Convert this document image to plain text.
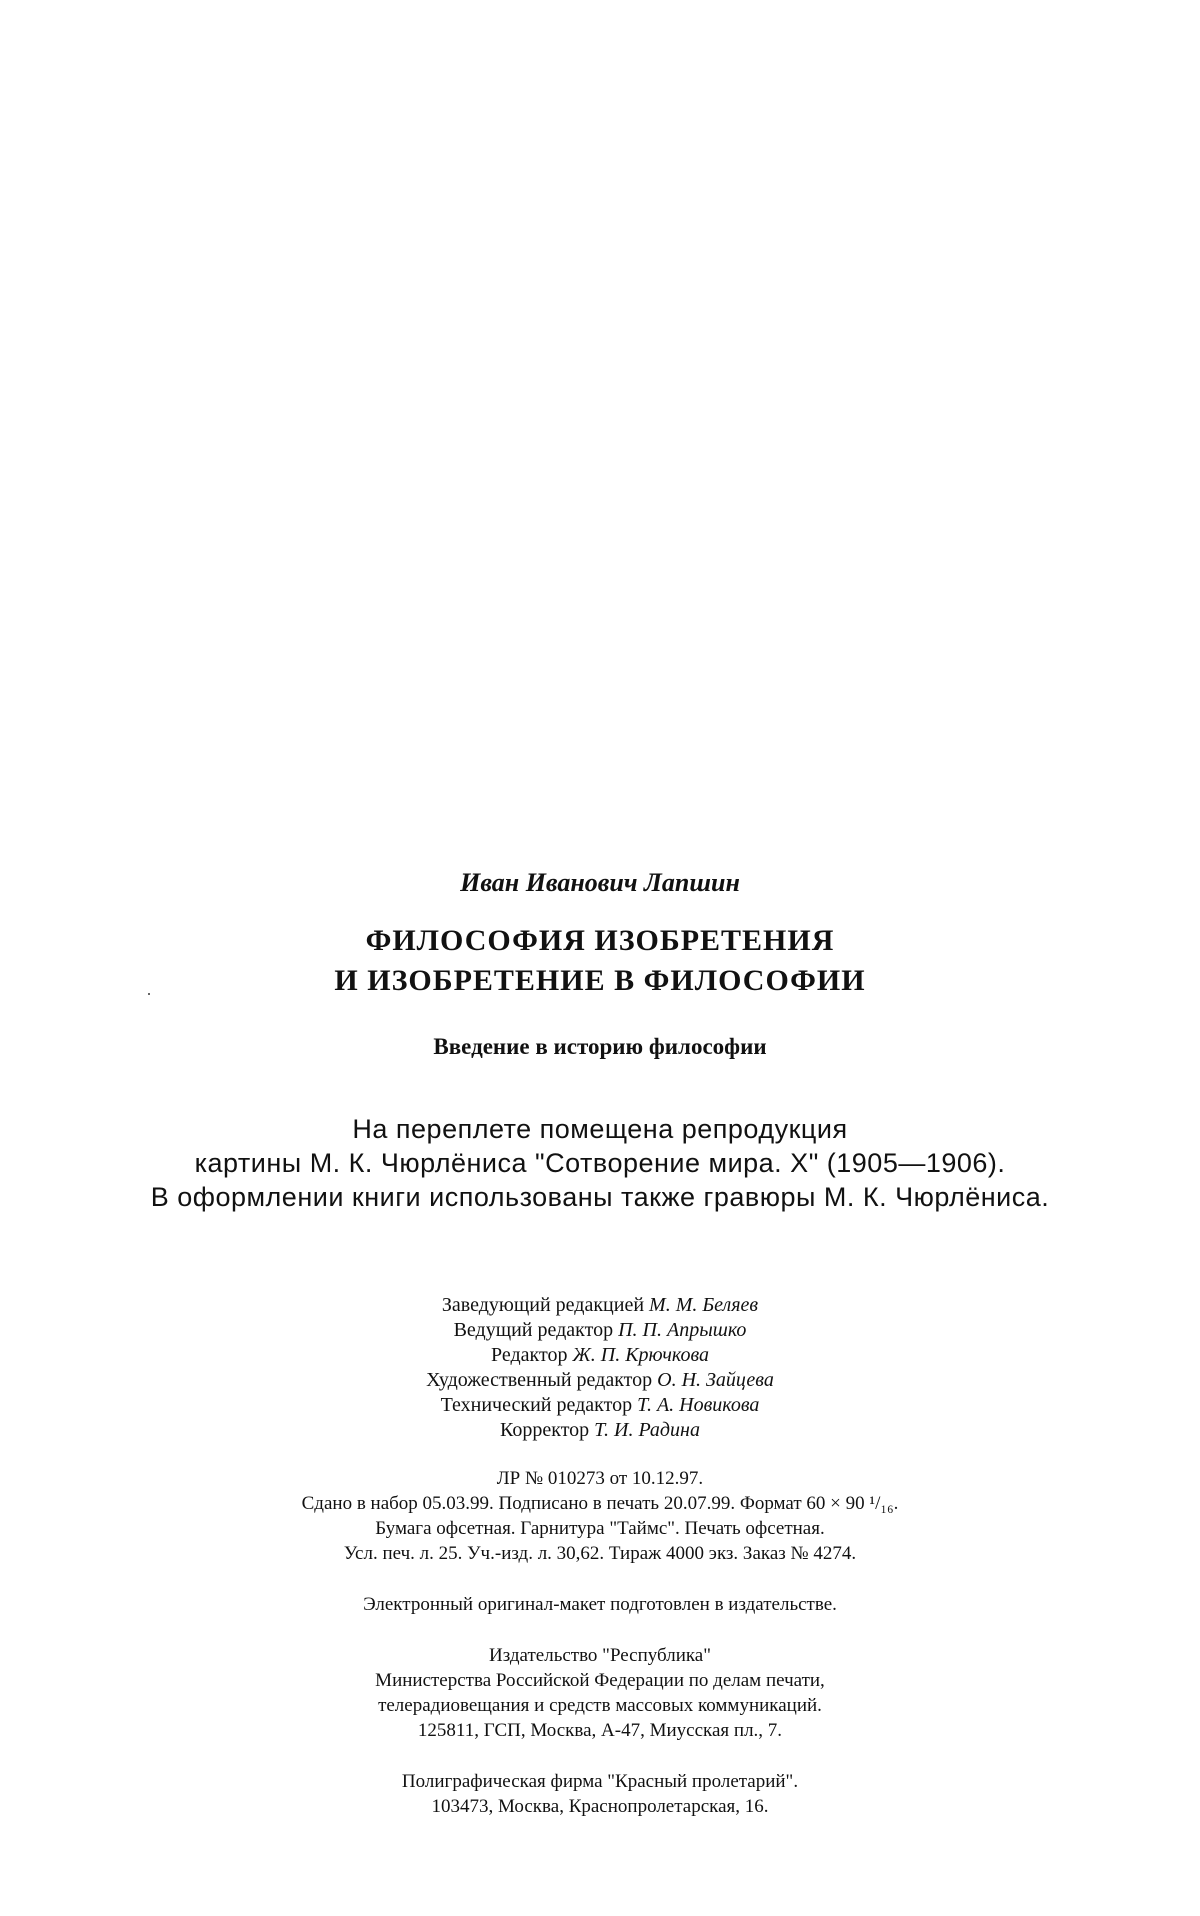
Иван Иванович Лапшин
ФИЛОСОФИЯ ИЗОБРЕТЕНИЯ
И ИЗОБРЕТЕНИЕ В ФИЛОСОФИИ
Введение в историю философии
На переплете помещена репродукция
картины М. К. Чюрлёниса "Сотворение мира. X" (1905—1906).
В оформлении книги использованы также гравюры М. К. Чюрлёниса.
Заведующий редакцией М. М. Беляев
Ведущий редактор П. П. Апрышко
Редактор Ж. П. Крючкова
Художественный редактор О. Н. Зайцева
Технический редактор Т. А. Новикова
Корректор Т. И. Радина
ЛР № 010273 от 10.12.97.
Сдано в набор 05.03.99. Подписано в печать 20.07.99. Формат 60 × 90 ¹/₁₆.
Бумага офсетная. Гарнитура "Таймс". Печать офсетная.
Усл. печ. л. 25. Уч.-изд. л. 30,62. Тираж 4000 экз. Заказ № 4274.
Электронный оригинал-макет подготовлен в издательстве.
Издательство "Республика"
Министерства Российской Федерации по делам печати,
телерадиовещания и средств массовых коммуникаций.
125811, ГСП, Москва, А-47, Миусская пл., 7.
Полиграфическая фирма "Красный пролетарий".
103473, Москва, Краснопролетарская, 16.
